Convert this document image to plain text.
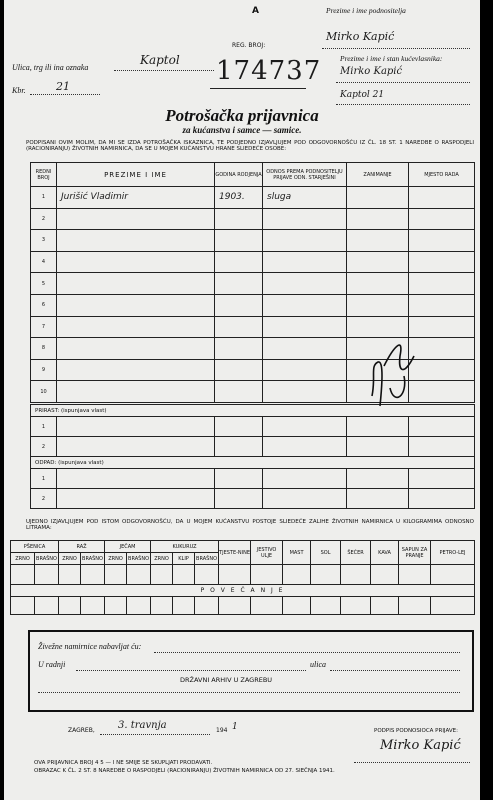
A
REG. BROJ:
Prezime i ime podnositelja
Mirko Kapić
Prezime i ime i stan kućevlasnika:
Mirko Kapić
Kaptol 21
Ulica, trg ili ina oznaka
Kaptol 174737
Kbr.	21
Potrošačka prijavnica
za kućanstva i samce — samice.
PODPISANI OVIM MOLIM, DA MI SE IZDA POTROŠAČKA ISKAZNICA, TE PODJEDNO IZJAVLJUJEM POD ODGOVORNOŠĆU IZ ČL. 18 ST. 1 NAREDBE O RASPODJELI (RACIONIRANJU) ŽIVOTNIH NAMIRNICA, DA SE U MOJEM KUĆANSTVU HRANE SLIEDEĆE OSOBE:
REDNI BROJ	PREZIME I IME	GODINA RODJENJA	ODNOS PREMA PODNOSITELJU PRIJAVE ODN. STARJEŠINI	ZANIMANJE	MJESTO RADA
1	Jurišić Vladimir	1903.	sluga		
2					
3					
4					
5					
6					
7					
8					
9					
10					
PRIRAST: (ispunjava vlast)					
1					
2					
ODPAD: (ispunjava vlast)					
1					
2					
UJEDNO IZJAVLJUJEM POD ISTOM ODGOVORNOŠĆU, DA U MOJEM KUĆANSTVU POSTOJE SLIEDEĆE ZALIHE ŽIVOTNIH NAMIRNICA U KILOGRAMIMA ODNOSNO LITRAMA:
PŠENICA		RAŽ		JEČAM		KUKURUZ			TJESTE-NINE	JESTIVO ULJE	MAST	SOL	ŠEĆER	KAVA	SAPUN ZA PRANJE	PETRO-LEJ
ZRNO	BRAŠNO	ZRNO	BRAŠNO	ZRNO	BRAŠNO	ZRNO	KLIP	BRAŠNO								

P O V E Ć A N J E																

Živežne namirnice nabavljat ću:
U radnji	ulica
DRŽAVNI ARHIV U ZAGREBU
ZAGREB, 3. travnja	194 1	PODPIS PODNOSIOCA PRIJAVE:
Mirko Kapić
OVA PRIJAVNICA BROJ 4 5 — I NE SMIJE SE SKUPLJATI PRODAVATI.
OBRAZAC K ČL. 2 ST. 8 NAREDBE O RASPODJELI (RACIONIRANJU) ŽIVOTNIH NAMIRNICA OD 27. SIEČNJA 1941.
